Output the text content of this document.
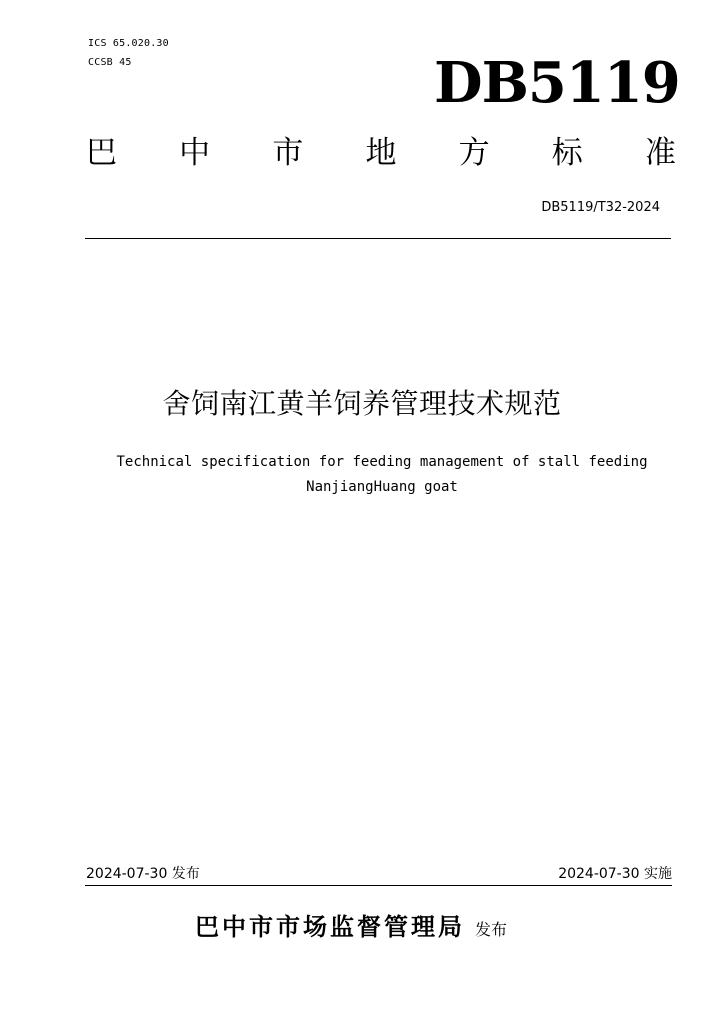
ICS 65.020.30
CCSB 45	DB5119
巴 中 市 地 方 标 准
DB5119/T32-2024
舍饲南江黄羊饲养管理技术规范
Technical specification for feeding management of stall feeding
NanjiangHuang goat
2024-07-30 发布	2024-07-30 实施
巴中市市场监督管理局 发布
